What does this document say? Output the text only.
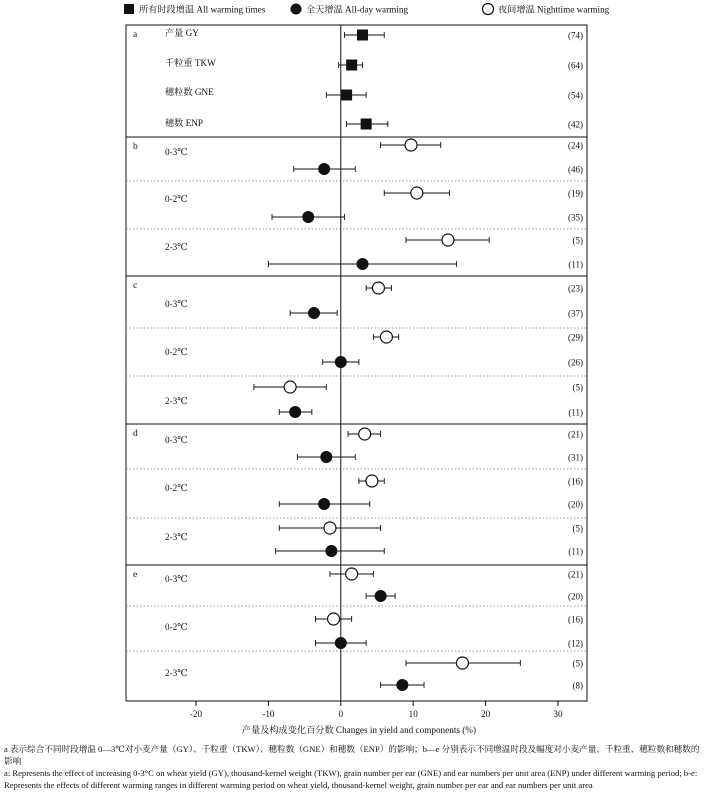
所有时段增温 All warming times	全天增温 All-day warming	夜间增温 Nighttime warming
a	产量 GY	(74)
千粒重 TKW	(64)
穗粒数 GNE	(54)
穗数 ENP	(42)
b	0-3℃
(24)
(46)
0-2℃
(19)
(35)
2-3℃
(5)
(11)
c
0-3℃
(23)
(37)
0-2℃
(29)
(26)
2-3℃
(5)
(11)
d
0-3℃
(21)
(31)
0-2℃
(16)
(20)
2-3℃
(5)
(11)
e	0-3℃	(21)
(20)
0-2℃
(16)
(12)
2-3℃
(5)
(8)
-20	-10	0	10	20	30
产量及构成变化百分数 Changes in yield and components (%)

a 表示综合不同时段增温 0—3℃对小麦产量（GY）、千粒重（TKW）、穗粒数（GNE）和穗数（ENP）的影响；b—e 分别表示不同增温时段及幅度对小麦产量、千粒重、穗粒数和穗数的影响

a: Represents the effect of increasing 0-3°C on wheat yield (GY), thousand-kernel weight (TKW), grain number per ear (GNE) and ear numbers per unit area (ENP) under different warming period; b-e: Represents the effects of different warming ranges in different warming period on wheat yield, thousand-kernel weight, grain number per ear and ear numbers per unit area
